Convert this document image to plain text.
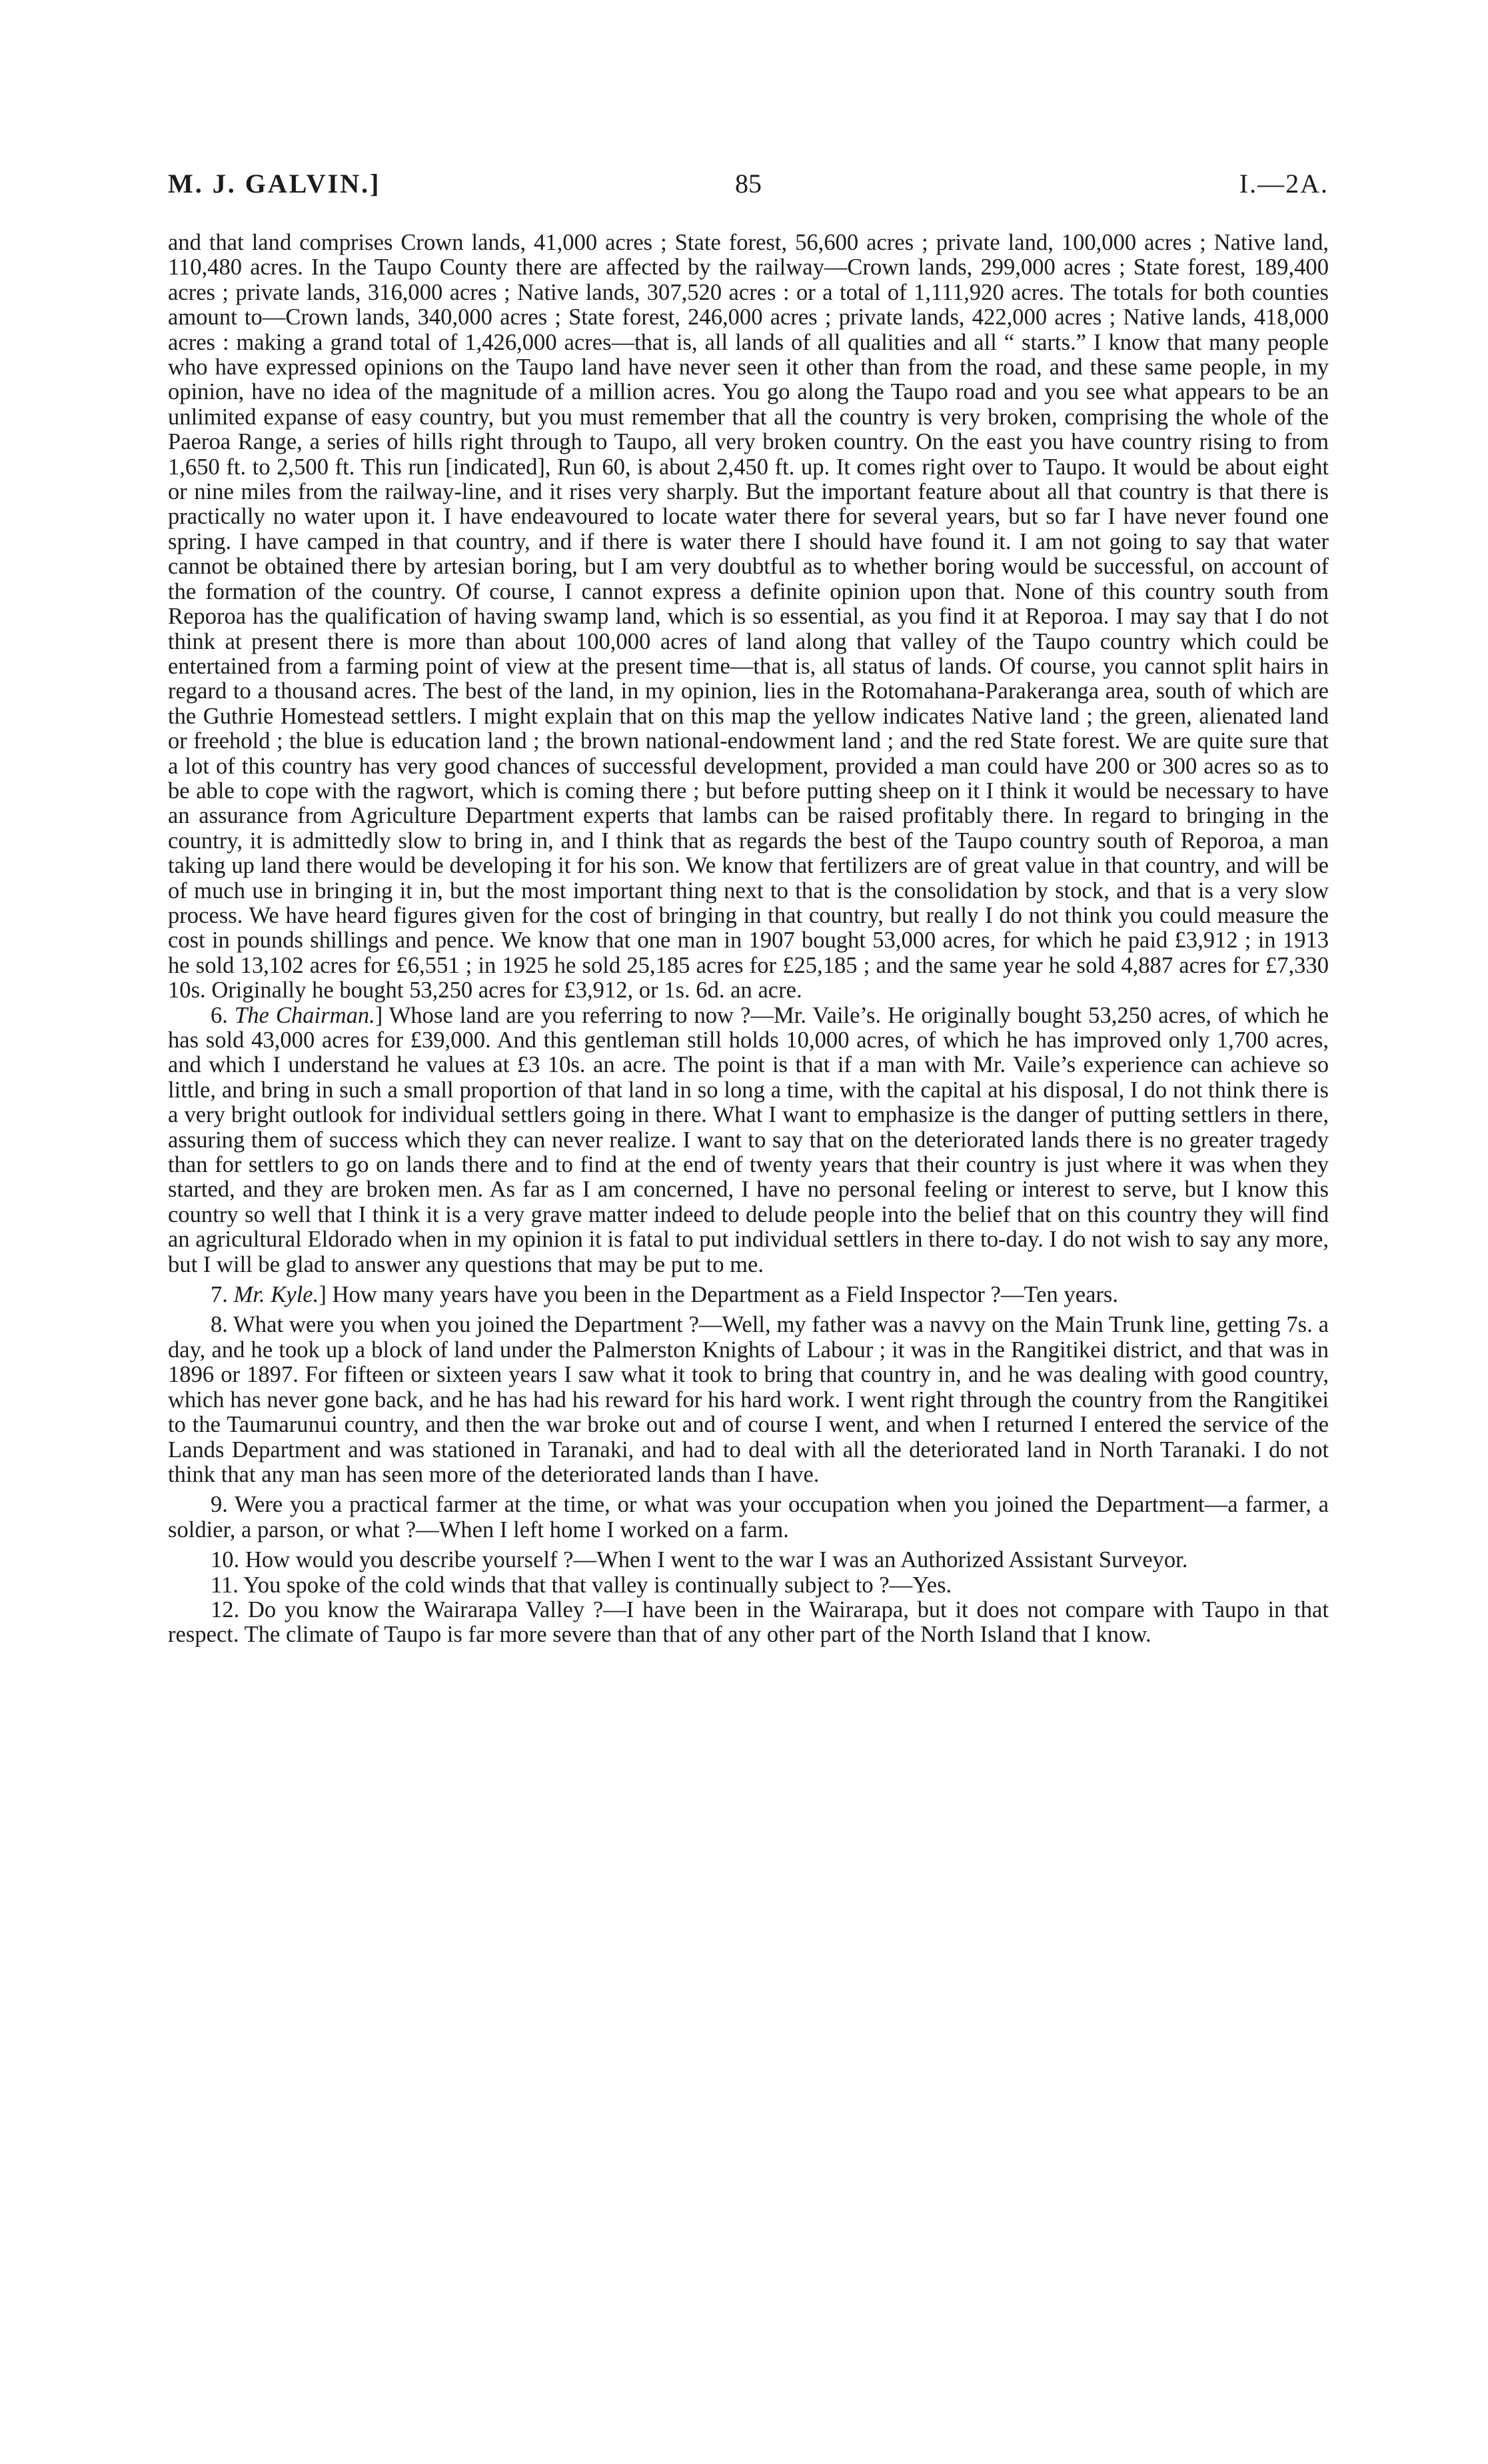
M. J. GALVIN.]	85	I.—2A.

and that land comprises Crown lands, 41,000 acres ; State forest, 56,600 acres ; private land, 100,000 acres ; Native land, 110,480 acres. In the Taupo County there are affected by the railway—Crown lands, 299,000 acres ; State forest, 189,400 acres ; private lands, 316,000 acres ; Native lands, 307,520 acres : or a total of 1,111,920 acres. The totals for both counties amount to—Crown lands, 340,000 acres ; State forest, 246,000 acres ; private lands, 422,000 acres ; Native lands, 418,000 acres : making a grand total of 1,426,000 acres—that is, all lands of all qualities and all “ starts.” I know that many people who have expressed opinions on the Taupo land have never seen it other than from the road, and these same people, in my opinion, have no idea of the magnitude of a million acres. You go along the Taupo road and you see what appears to be an unlimited expanse of easy country, but you must remember that all the country is very broken, comprising the whole of the Paeroa Range, a series of hills right through to Taupo, all very broken country. On the east you have country rising to from 1,650 ft. to 2,500 ft. This run [indicated], Run 60, is about 2,450 ft. up. It comes right over to Taupo. It would be about eight or nine miles from the railway-line, and it rises very sharply. But the important feature about all that country is that there is practically no water upon it. I have endeavoured to locate water there for several years, but so far I have never found one spring. I have camped in that country, and if there is water there I should have found it. I am not going to say that water cannot be obtained there by artesian boring, but I am very doubtful as to whether boring would be successful, on account of the formation of the country. Of course, I cannot express a definite opinion upon that. None of this country south from Reporoa has the qualification of having swamp land, which is so essential, as you find it at Reporoa. I may say that I do not think at present there is more than about 100,000 acres of land along that valley of the Taupo country which could be entertained from a farming point of view at the present time—that is, all status of lands. Of course, you cannot split hairs in regard to a thousand acres. The best of the land, in my opinion, lies in the Rotomahana-Parakeranga area, south of which are the Guthrie Homestead settlers. I might explain that on this map the yellow indicates Native land ; the green, alienated land or freehold ; the blue is education land ; the brown national-endowment land ; and the red State forest. We are quite sure that a lot of this country has very good chances of successful development, provided a man could have 200 or 300 acres so as to be able to cope with the ragwort, which is coming there ; but before putting sheep on it I think it would be necessary to have an assurance from Agriculture Department experts that lambs can be raised profitably there. In regard to bringing in the country, it is admittedly slow to bring in, and I think that as regards the best of the Taupo country south of Reporoa, a man taking up land there would be developing it for his son. We know that fertilizers are of great value in that country, and will be of much use in bringing it in, but the most important thing next to that is the consolidation by stock, and that is a very slow process. We have heard figures given for the cost of bringing in that country, but really I do not think you could measure the cost in pounds shillings and pence. We know that one man in 1907 bought 53,000 acres, for which he paid £3,912 ; in 1913 he sold 13,102 acres for £6,551 ; in 1925 he sold 25,185 acres for £25,185 ; and the same year he sold 4,887 acres for £7,330 10s. Originally he bought 53,250 acres for £3,912, or 1s. 6d. an acre.

6. The Chairman.] Whose land are you referring to now ?—Mr. Vaile’s. He originally bought 53,250 acres, of which he has sold 43,000 acres for £39,000. And this gentleman still holds 10,000 acres, of which he has improved only 1,700 acres, and which I understand he values at £3 10s. an acre. The point is that if a man with Mr. Vaile’s experience can achieve so little, and bring in such a small proportion of that land in so long a time, with the capital at his disposal, I do not think there is a very bright outlook for individual settlers going in there. What I want to emphasize is the danger of putting settlers in there, assuring them of success which they can never realize. I want to say that on the deteriorated lands there is no greater tragedy than for settlers to go on lands there and to find at the end of twenty years that their country is just where it was when they started, and they are broken men. As far as I am concerned, I have no personal feeling or interest to serve, but I know this country so well that I think it is a very grave matter indeed to delude people into the belief that on this country they will find an agricultural Eldorado when in my opinion it is fatal to put individual settlers in there to-day. I do not wish to say any more, but I will be glad to answer any questions that may be put to me.

7. Mr. Kyle.] How many years have you been in the Department as a Field Inspector ?—Ten years.

8. What were you when you joined the Department ?—Well, my father was a navvy on the Main Trunk line, getting 7s. a day, and he took up a block of land under the Palmerston Knights of Labour ; it was in the Rangitikei district, and that was in 1896 or 1897. For fifteen or sixteen years I saw what it took to bring that country in, and he was dealing with good country, which has never gone back, and he has had his reward for his hard work. I went right through the country from the Rangitikei to the Taumarunui country, and then the war broke out and of course I went, and when I returned I entered the service of the Lands Department and was stationed in Taranaki, and had to deal with all the deteriorated land in North Taranaki. I do not think that any man has seen more of the deteriorated lands than I have.

9. Were you a practical farmer at the time, or what was your occupation when you joined the Department—a farmer, a soldier, a parson, or what ?—When I left home I worked on a farm.

10. How would you describe yourself ?—When I went to the war I was an Authorized Assistant Surveyor.

11. You spoke of the cold winds that that valley is continually subject to ?—Yes.

12. Do you know the Wairarapa Valley ?—I have been in the Wairarapa, but it does not compare with Taupo in that respect. The climate of Taupo is far more severe than that of any other part of the North Island that I know.
